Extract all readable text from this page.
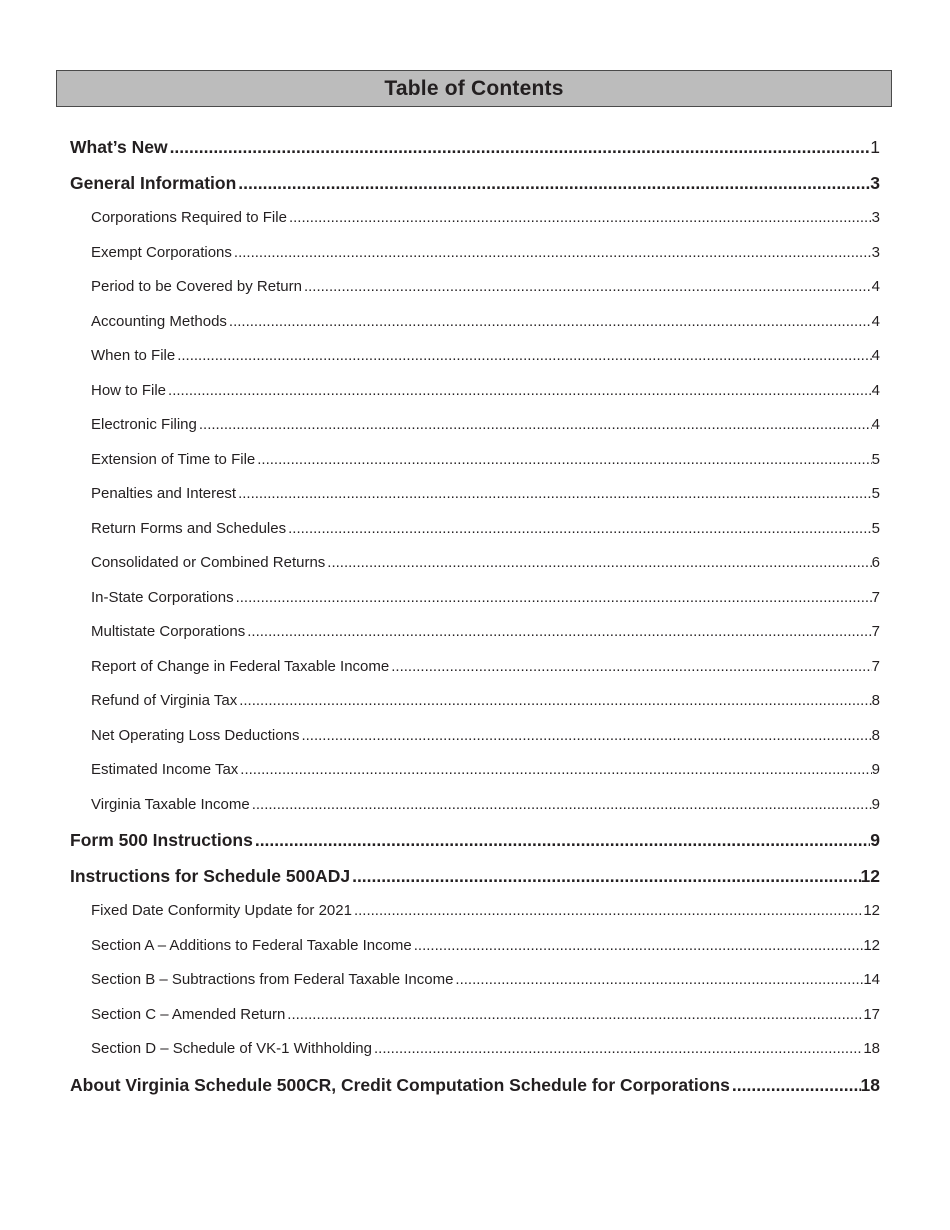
Table of Contents
What’s New .....	1
General Information .....	3
Corporations Required to File .....	3
Exempt Corporations .....	3
Period to be Covered by Return .....	4
Accounting Methods .....	4
When to File .....	4
How to File .....	4
Electronic Filing .....	4
Extension of Time to File .....	5
Penalties and Interest .....	5
Return Forms and Schedules .....	5
Consolidated or Combined Returns .....	6
In-State Corporations .....	7
Multistate Corporations .....	7
Report of Change in Federal Taxable Income .....	7
Refund of Virginia Tax .....	8
Net Operating Loss Deductions .....	8
Estimated Income Tax .....	9
Virginia Taxable Income .....	9
Form 500 Instructions .....	9
Instructions for Schedule 500ADJ .....	12
Fixed Date Conformity Update for 2021 .....	12
Section A – Additions to Federal Taxable Income .....	12
Section B – Subtractions from Federal Taxable Income .....	14
Section C – Amended Return .....	17
Section D – Schedule of VK-1 Withholding .....	18
About Virginia Schedule 500CR, Credit Computation Schedule for Corporations .....	18
